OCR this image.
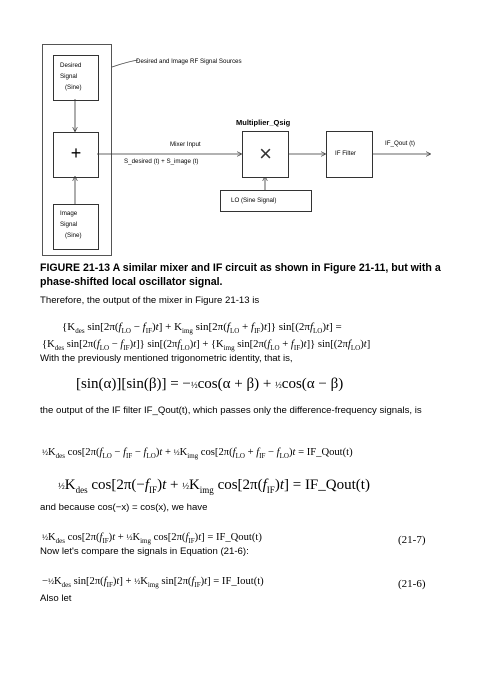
Desired and Image RF Signal Sources
Desired
Signal
(Sine)
+
Image
Signal
(Sine)
Mixer Input
S_desired (t) + S_image (t)
Multiplier_Qsig
×	IF Filter
IF_Qout (t)
LO (Sine Signal)
FIGURE 21-13 A similar mixer and IF circuit as shown in Figure 21-11, but with a phase-shifted local oscillator signal.
Therefore, the output of the mixer in Figure 21-13 is
{$K_{des}$ $\sin[2\pi(f_{LO} - f_{IF})t] + K_{img}$ $\sin[2\pi(f_{LO} + f_{IF})t]$} $\sin[(2\pi f_{LO})t]$ =
{$K_{des}$ $\sin[2\pi(f_{LO} - f_{IF})t]$} $\sin[(2\pi f_{LO})t] + \{K_{img}$ $\sin[2\pi(f_{LO} + f_{IF})t]$} $\sin[(2\pi f_{LO})t]$
With the previously mentioned trigonometric identity, that is,
[sin(α)][sin(β)] = −½cos(α + β) + ½cos(α − β)
the output of the IF filter IF_Qout(t), which passes only the difference-frequency signals, is
$\frac{1}{2}K_{des}$ $\cos[2\pi(f_{LO} - f_{IF} - f_{LO})t$ + $\frac{1}{2}K_{img}$ $\cos[2\pi(f_{LO} + f_{IF} - f_{LO})t$ = IF_Qout(t)
$\frac{1}{2}K_{des}$ $\cos[2\pi(-f_{IF})t$ + $\frac{1}{2}K_{img}$ $\cos[2\pi(f_{IF})t]$ = IF_Qout(t)
and because cos(−x) = cos(x), we have
$\frac{1}{2}K_{des}$ $\cos[2\pi(f_{IF})t$ + $\frac{1}{2}K_{img}$ $\cos[2\pi(f_{IF})t]$ = IF_Qout(t)	(21-7)
Now let's compare the signals in Equation (21-6):
$-\frac{1}{2}K_{des}$ $\sin[2\pi(f_{IF})t]$ + $\frac{1}{2}K_{img}$ $\sin[2\pi(f_{IF})t]$ = IF_Iout(t)	(21-6)
Also let
